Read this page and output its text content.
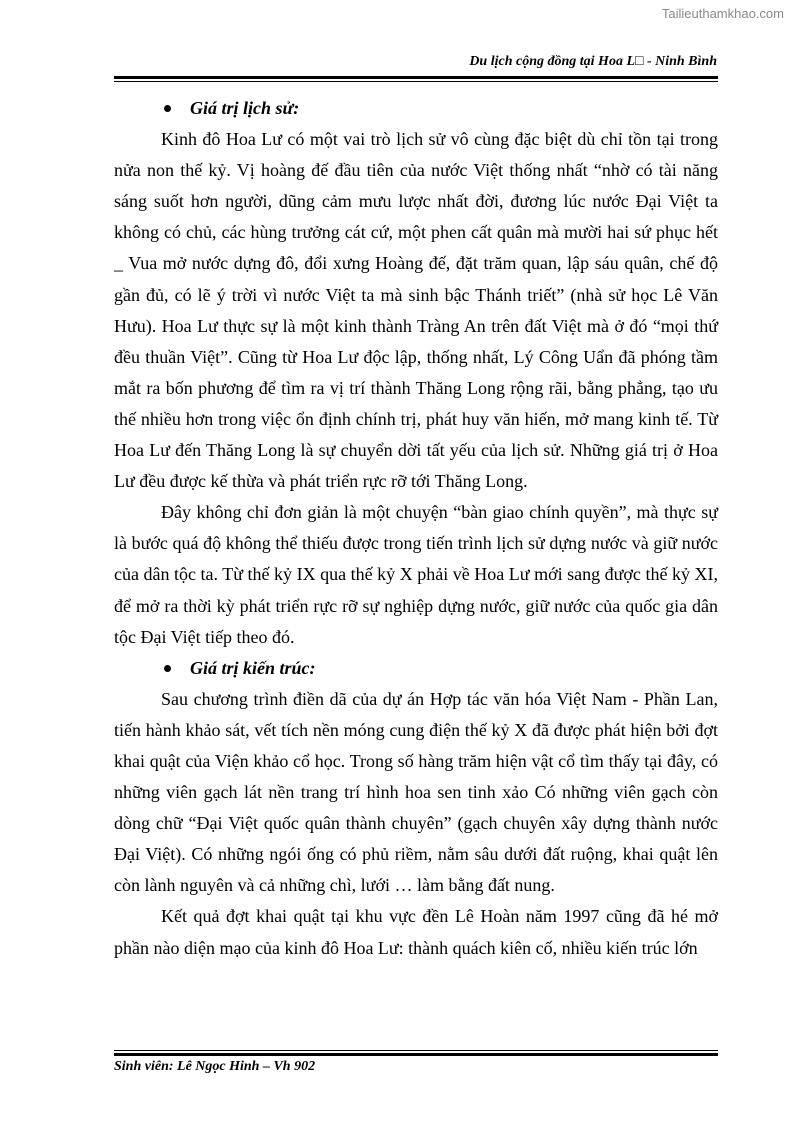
Tailieuthamkhao.com
Du lịch cộng đồng tại Hoa L□ - Ninh Bình

Giá trị lịch sử:

Kinh đô Hoa Lư có một vai trò lịch sử vô cùng đặc biệt dù chỉ tồn tại trong nửa non thế kỷ. Vị hoàng đế đầu tiên của nước Việt thống nhất “nhờ có tài năng sáng suốt hơn người, dũng cảm mưu lược nhất đời, đương lúc nước Đại Việt ta không có chủ, các hùng trưởng cát cứ, một phen cất quân mà mười hai sứ phục hết _ Vua mở nước dựng đô, đổi xưng Hoàng đế, đặt trăm quan, lập sáu quân, chế độ gần đủ, có lẽ ý trời vì nước Việt ta mà sinh bậc Thánh triết” (nhà sử học Lê Văn Hưu). Hoa Lư thực sự là một kinh thành Tràng An trên đất Việt mà ở đó “mọi thứ đều thuần Việt”. Cũng từ Hoa Lư độc lập, thống nhất, Lý Công Uẩn đã phóng tầm mắt ra bốn phương để tìm ra vị trí thành Thăng Long rộng rãi, bằng phẳng, tạo ưu thế nhiều hơn trong việc ổn định chính trị, phát huy văn hiến, mở mang kinh tế. Từ Hoa Lư đến Thăng Long là sự chuyển dời tất yếu của lịch sử. Những giá trị ở Hoa Lư đều được kế thừa và phát triển rực rỡ tới Thăng Long.

Đây không chỉ đơn giản là một chuyện “bàn giao chính quyền”, mà thực sự là bước quá độ không thể thiếu được trong tiến trình lịch sử dựng nước và giữ nước của dân tộc ta. Từ thế kỷ IX qua thế kỷ X phải về Hoa Lư mới sang được thế kỷ XI, để mở ra thời kỳ phát triển rực rỡ sự nghiệp dựng nước, giữ nước của quốc gia dân tộc Đại Việt tiếp theo đó.

Giá trị kiến trúc:

Sau chương trình điền dã của dự án Hợp tác văn hóa Việt Nam - Phần Lan, tiến hành khảo sát, vết tích nền móng cung điện thế kỷ X đã được phát hiện bởi đợt khai quật của Viện khảo cổ học. Trong số hàng trăm hiện vật cổ tìm thấy tại đây, có những viên gạch lát nền trang trí hình hoa sen tinh xảo Có những viên gạch còn dòng chữ “Đại Việt quốc quân thành chuyên” (gạch chuyên xây dựng thành nước Đại Việt). Có những ngói ống có phủ riềm, nằm sâu dưới đất ruộng, khai quật lên còn lành nguyên và cả những chì, lưới … làm bằng đất nung.

Kết quả đợt khai quật tại khu vực đền Lê Hoàn năm 1997 cũng đã hé mở phần nào diện mạo của kinh đô Hoa Lư: thành quách kiên cố, nhiều kiến trúc lớn

Sinh viên: Lê Ngọc Hinh – Vh 902
